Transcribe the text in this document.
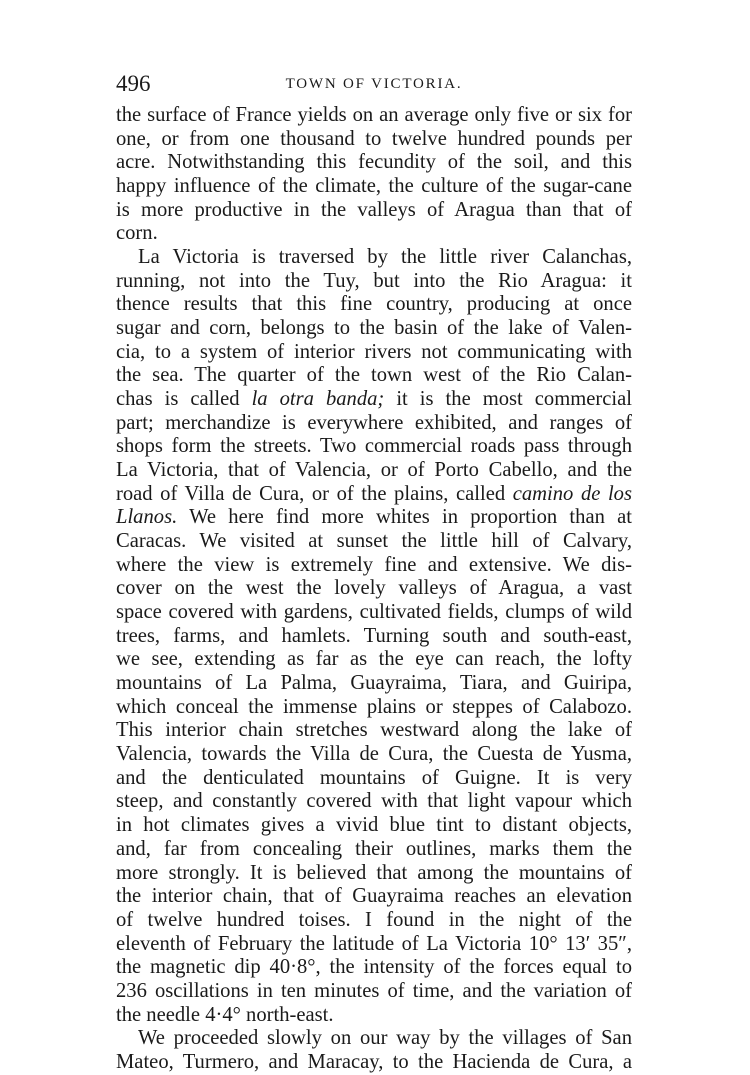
496	TOWN OF VICTORIA.
the surface of France yields on an average only five or six for
one, or from one thousand to twelve hundred pounds per
acre. Notwithstanding this fecundity of the soil, and this
happy influence of the climate, the culture of the sugar-cane
is more productive in the valleys of Aragua than that of
corn.
La Victoria is traversed by the little river Calanchas,
running, not into the Tuy, but into the Rio Aragua: it
thence results that this fine country, producing at once
sugar and corn, belongs to the basin of the lake of Valen-
cia, to a system of interior rivers not communicating with
the sea. The quarter of the town west of the Rio Calan-
chas is called la otra banda; it is the most commercial
part; merchandize is everywhere exhibited, and ranges of
shops form the streets. Two commercial roads pass through
La Victoria, that of Valencia, or of Porto Cabello, and the
road of Villa de Cura, or of the plains, called camino de los
Llanos. We here find more whites in proportion than at
Caracas. We visited at sunset the little hill of Calvary,
where the view is extremely fine and extensive. We dis-
cover on the west the lovely valleys of Aragua, a vast
space covered with gardens, cultivated fields, clumps of wild
trees, farms, and hamlets. Turning south and south-east,
we see, extending as far as the eye can reach, the lofty
mountains of La Palma, Guayraima, Tiara, and Guiripa,
which conceal the immense plains or steppes of Calabozo.
This interior chain stretches westward along the lake of
Valencia, towards the Villa de Cura, the Cuesta de Yusma,
and the denticulated mountains of Guigne. It is very
steep, and constantly covered with that light vapour which
in hot climates gives a vivid blue tint to distant objects,
and, far from concealing their outlines, marks them the
more strongly. It is believed that among the mountains of
the interior chain, that of Guayraima reaches an elevation
of twelve hundred toises. I found in the night of the
eleventh of February the latitude of La Victoria 10° 13′ 35″,
the magnetic dip 40·8°, the intensity of the forces equal to
236 oscillations in ten minutes of time, and the variation of
the needle 4·4° north-east.
We proceeded slowly on our way by the villages of San
Mateo, Turmero, and Maracay, to the Hacienda de Cura, a
